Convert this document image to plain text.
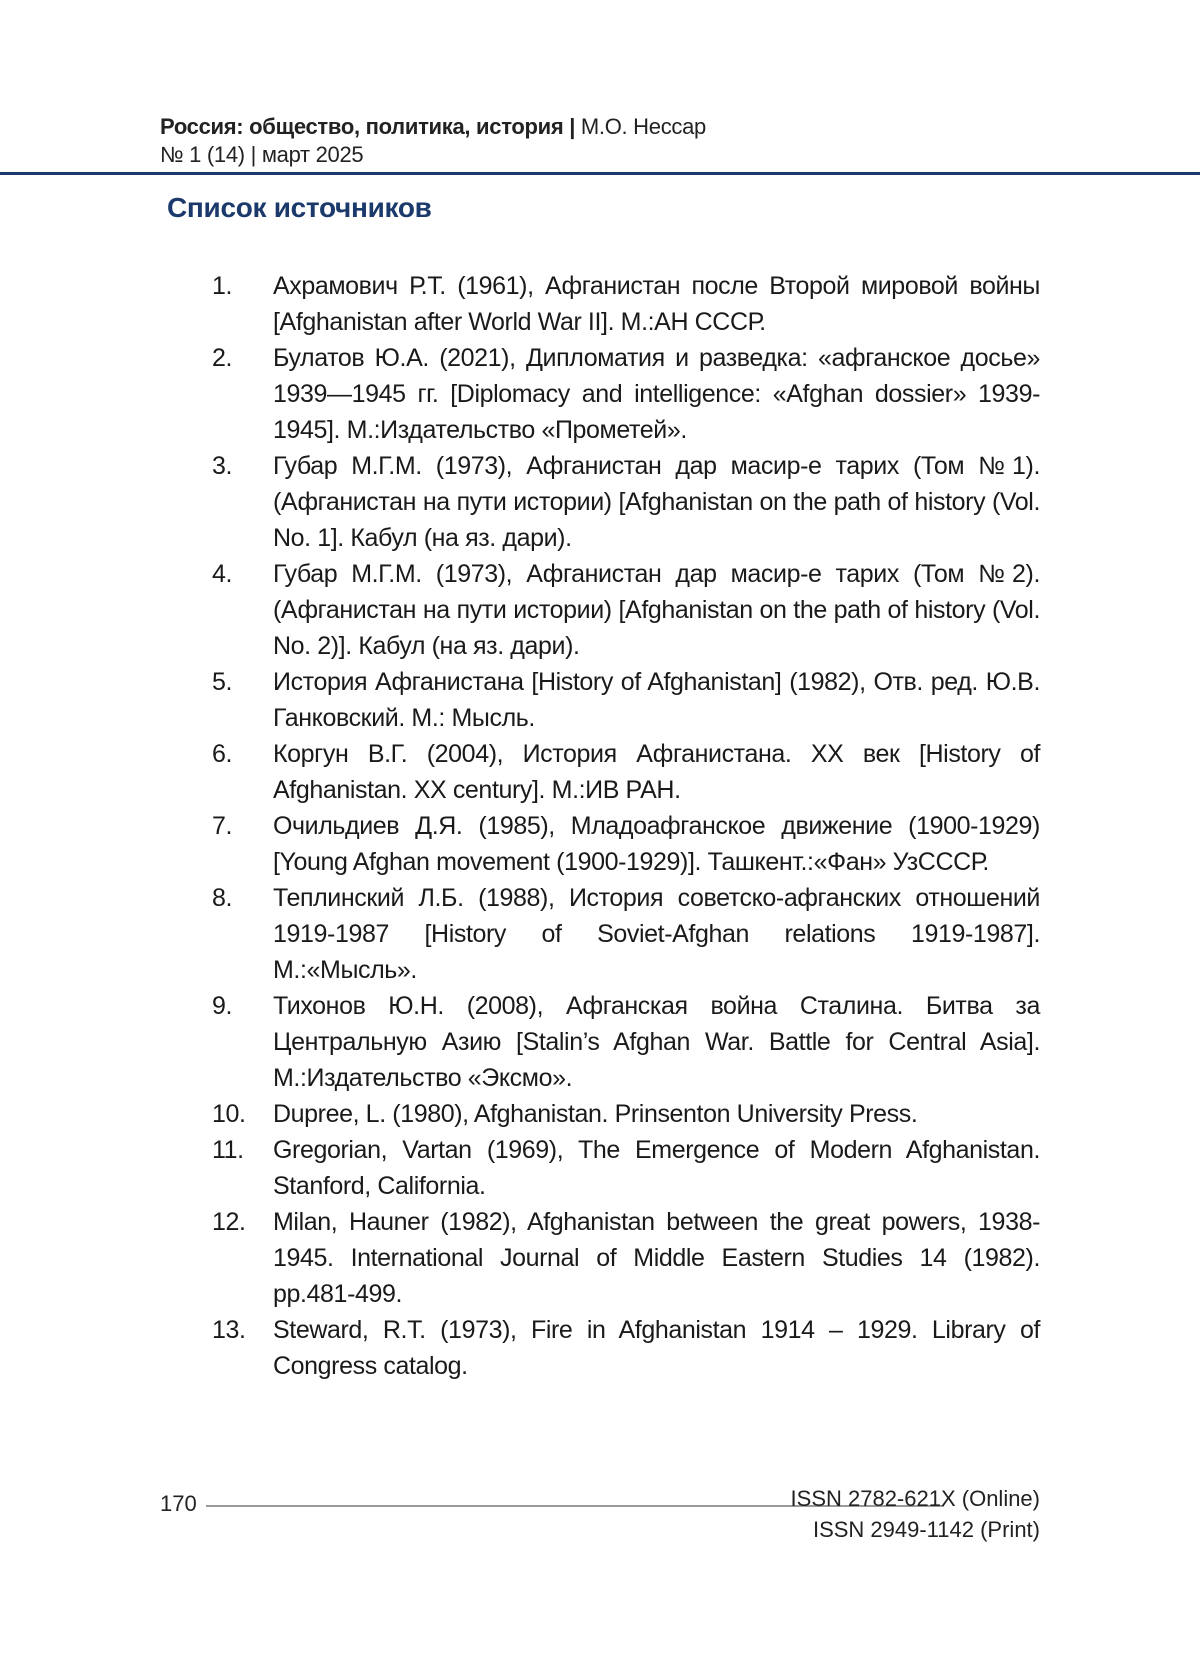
Россия: общество, политика, история | М.О. Нессар
№ 1 (14) | март 2025
Список источников
1. Ахрамович Р.Т. (1961), Афганистан после Второй мировой войны [Afghanistan after World War II]. М.:АН СССР.
2. Булатов Ю.А. (2021), Дипломатия и разведка: «афганское досье» 1939—1945 гг. [Diplomacy and intelligence: «Afghan dossier» 1939-1945]. М.:Издательство «Прометей».
3. Губар М.Г.М. (1973), Афганистан дар масир-е тарих (Том №1). (Афганистан на пути истории) [Afghanistan on the path of history (Vol. No. 1]. Кабул (на яз. дари).
4. Губар М.Г.М. (1973), Афганистан дар масир-е тарих (Том №2). (Афганистан на пути истории) [Afghanistan on the path of history (Vol. No. 2)]. Кабул (на яз. дари).
5. История Афганистана [History of Afghanistan] (1982), Отв. ред. Ю.В. Ганковский. М.: Мысль.
6. Коргун В.Г. (2004), История Афганистана. ХХ век [History of Afghanistan. XX century]. М.:ИВ РАН.
7. Очильдиев Д.Я. (1985), Младоафганское движение (1900-1929) [Young Afghan movement (1900-1929)]. Ташкент.:«Фан» УзССCР.
8. Теплинский Л.Б. (1988), История советско-афганских отношений 1919-1987 [History of Soviet-Afghan relations 1919-1987]. М.:«Мысль».
9. Тихонов Ю.Н. (2008), Афганская война Сталина. Битва за Центральную Азию [Stalin’s Afghan War. Battle for Central Asia]. М.:Издательство «Эксмо».
10. Dupree, L. (1980), Afghanistan. Prinsenton University Press.
11. Gregorian, Vartan (1969), The Emergence of Modern Afghanistan. Stanford, California.
12. Milan, Hauner (1982), Afghanistan between the great powers, 1938-1945. International Journal of Middle Eastern Studies 14 (1982). pp.481-499.
13. Steward, R.T. (1973), Fire in Afghanistan 1914 – 1929. Library of Congress catalog.
170	ISSN 2782-621X (Online)
ISSN 2949-1142 (Print)
